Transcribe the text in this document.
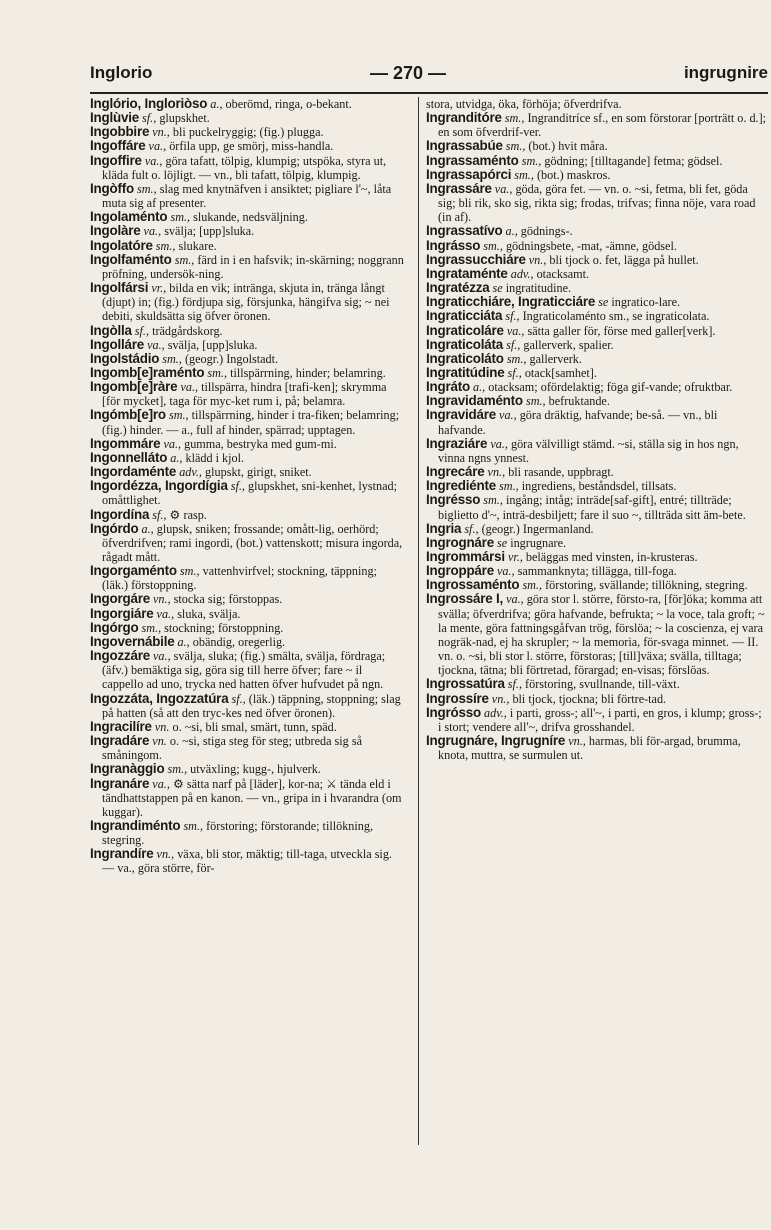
Inglorio	— 270 —	ingrugnire

Inglório, Ingloriòso a., oberömd, ringa, o-bekant.

Inglùvie sf., glupskhet.

Ingobbire vn., bli puckelryggig; (fig.) plugga.

Ingoffáre va., örfila upp, ge smörj, miss-handla.

Ingoffire va., göra tafatt, tölpig, klumpig; utspöka, styra ut, kläda fult o. löjligt. — vn., bli tafatt, tölpig, klumpig.

Ingòffo sm., slag med knytnäfven i ansiktet; pigliare l'~, låta muta sig af presenter.

Ingolaménto sm., slukande, nedsväljning.

Ingolàre va., svälja; [upp]sluka.

Ingolatóre sm., slukare.

Ingolfaménto sm., färd in i en hafsvik; in-skärning; noggrann pröfning, undersök-ning.

Ingolfársi vr., bilda en vik; intränga, skjuta in, tränga långt (djupt) in; (fig.) fördjupa sig, försjunka, hängifva sig; ~ nei debiti, skuldsätta sig öfver öronen.

Ingòlla sf., trädgårdskorg.

Ingolláre va., svälja, [upp]sluka.

Ingolstádio sm., (geogr.) Ingolstadt.

Ingomb[e]raménto sm., tillspärrning, hinder; belamring.

Ingomb[e]ràre va., tillspärra, hindra [trafi-ken]; skrymma [för mycket], taga för myc-ket rum i, på; belamra.

Ingómb[e]ro sm., tillspärrning, hinder i tra-fiken; belamring; (fig.) hinder. — a., full af hinder, spärrad; upptagen.

Ingommáre va., gumma, bestryka med gum-mi.

Ingonnelláto a., klädd i kjol.

Ingordaménte adv., glupskt, girigt, sniket.

Ingordézza, Ingordígia sf., glupskhet, sni-kenhet, lystnad; omåttlighet.

Ingordína sf., ⚙ rasp.

Ingórdo a., glupsk, sniken; frossande; omått-lig, oerhörd; öfverdrifven; rami ingordi, (bot.) vattenskott; misura ingorda, rågadt mått.

Ingorgaménto sm., vattenhvirfvel; stockning, täppning; (läk.) förstoppning.

Ingorgáre vn., stocka sig; förstoppas.

Ingorgiáre va., sluka, svälja.

Ingórgo sm., stockning; förstoppning.

Ingovernábile a., obändig, oregerlig.

Ingozzáre va., svälja, sluka; (fig.) smälta, svälja, fördraga; (äfv.) bemäktiga sig, göra sig till herre öfver; fare ~ il cappello ad uno, trycka ned hatten öfver hufvudet på ngn.

Ingozzáta, Ingozzatúra sf., (läk.) täppning, stoppning; slag på hatten (så att den tryc-kes ned öfver öronen).

Ingracilíre vn. o. ~si, bli smal, smärt, tunn, späd.

Ingradáre vn. o. ~si, stiga steg för steg; utbreda sig så småningom.

Ingranàggio sm., utväxling; kugg-, hjulverk.

Ingranáre va., ⚙ sätta narf på [läder], kor-na; ⚔ tända eld i tändhattstappen på en kanon. — vn., gripa in i hvarandra (om kuggar).

Ingrandiménto sm., förstoring; förstorande; tillökning, stegring.

Ingrandíre vn., växa, bli stor, mäktig; till-taga, utveckla sig. — va., göra större, för-

stora, utvidga, öka, förhöja; öfverdrifva.

Ingranditóre sm., Ingranditríce sf., en som förstorar [porträtt o. d.]; en som öfverdrif-ver.

Ingrassabúe sm., (bot.) hvit måra.

Ingrassaménto sm., gödning; [tilltagande] fetma; gödsel.

Ingrassapórci sm., (bot.) maskros.

Ingrassáre va., göda, göra fet. — vn. o. ~si, fetma, bli fet, göda sig; bli rik, sko sig, rikta sig; frodas, trifvas; finna nöje, vara road (in af).

Ingrassatívo a., gödnings-.

Ingrásso sm., gödningsbete, -mat, -ämne, gödsel.

Ingrassucchiáre vn., bli tjock o. fet, lägga på hullet.

Ingrataménte adv., otacksamt.

Ingratézza se ingratitudine.

Ingraticchiáre, Ingraticciáre se ingratico-lare.

Ingraticciáta sf., Ingraticolaménto sm., se ingraticolata.

Ingraticoláre va., sätta galler för, förse med galler[verk].

Ingraticoláta sf., gallerverk, spalier.

Ingraticoláto sm., gallerverk.

Ingratitúdine sf., otack[samhet].

Ingráto a., otacksam; ofördelaktig; föga gif-vande; ofruktbar.

Ingravidaménto sm., befruktande.

Ingravidáre va., göra dräktig, hafvande; be-så. — vn., bli hafvande.

Ingraziáre va., göra välvilligt stämd. ~si, ställa sig in hos ngn, vinna ngns ynnest.

Ingrecáre vn., bli rasande, uppbragt.

Ingrediénte sm., ingrediens, beståndsdel, tillsats.

Ingrésso sm., ingång; intåg; inträde[saf-gift], entré; tillträde; biglietto d'~, inträ-desbiljett; fare il suo ~, tillträda sitt äm-bete.

Ingria sf., (geogr.) Ingermanland.

Ingrognáre se ingrugnare.

Ingrommársi vr., beläggas med vinsten, in-krusteras.

Ingroppáre va., sammanknyta; tillägga, till-foga.

Ingrossaménto sm., förstoring, svällande; tillökning, stegring.

Ingrossáre I, va., göra stor l. större, förstо-ra, [för]öka; komma att svälla; öfverdrifva; göra hafvande, befrukta; ~ la voce, tala groft; ~ la mente, göra fattningsgåfvan trög, förslöa; ~ la coscienza, ej vara nogräk-nad, ej ha skrupler; ~ la memoria, för-svaga minnet. — II. vn. o. ~si, bli stor l. större, förstoras; [till]växa; svälla, tilltaga; tjockna, tätna; bli förtretad, förargad; en-visas; förslöas.

Ingrossatúra sf., förstoring, svullnande, till-växt.

Ingrossíre vn., bli tjock, tjockna; bli förtre-tad.

Ingrósso adv., i parti, gross-; all'~, i parti, en gros, i klump; gross-; i stort; vendere all'~, drifva grosshandel.

Ingrugnáre, Ingrugníre vn., harmas, bli för-argad, brumma, knota, muttra, se surmulen ut.
